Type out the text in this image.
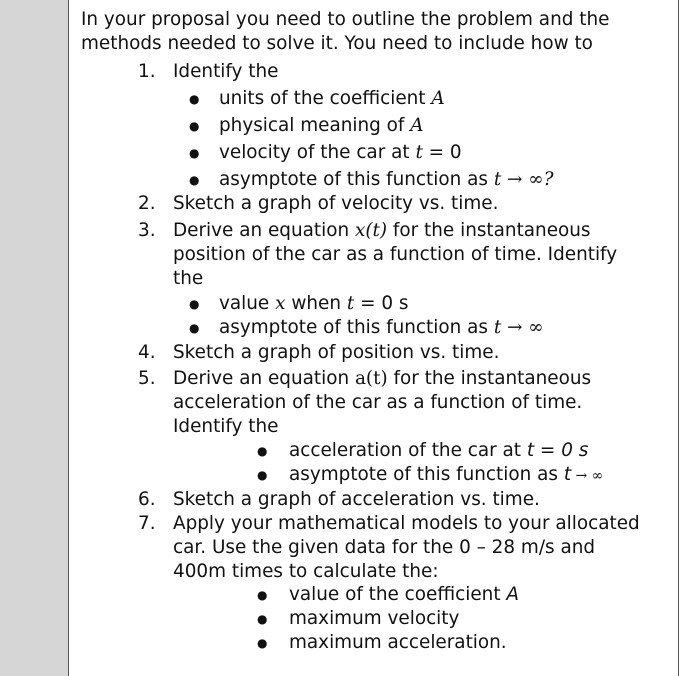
In your proposal you need to outline the problem and the
methods needed to solve it. You need to include how to
1. Identify the
● units of the coefficient A
● physical meaning of A
● velocity of the car at t = 0
● asymptote of this function as t → ∞?
2. Sketch a graph of velocity vs. time.
3. Derive an equation x(t) for the instantaneous
position of the car as a function of time. Identify
the
● value x when t = 0 s
● asymptote of this function as t → ∞
4. Sketch a graph of position vs. time.
5. Derive an equation a(t) for the instantaneous
acceleration of the car as a function of time.
Identify the
● acceleration of the car at t = 0 s
● asymptote of this function as t → ∞
6. Sketch a graph of acceleration vs. time.
7. Apply your mathematical models to your allocated
car. Use the given data for the 0 – 28 m/s and
400m times to calculate the:
● value of the coefficient A
● maximum velocity
● maximum acceleration.
